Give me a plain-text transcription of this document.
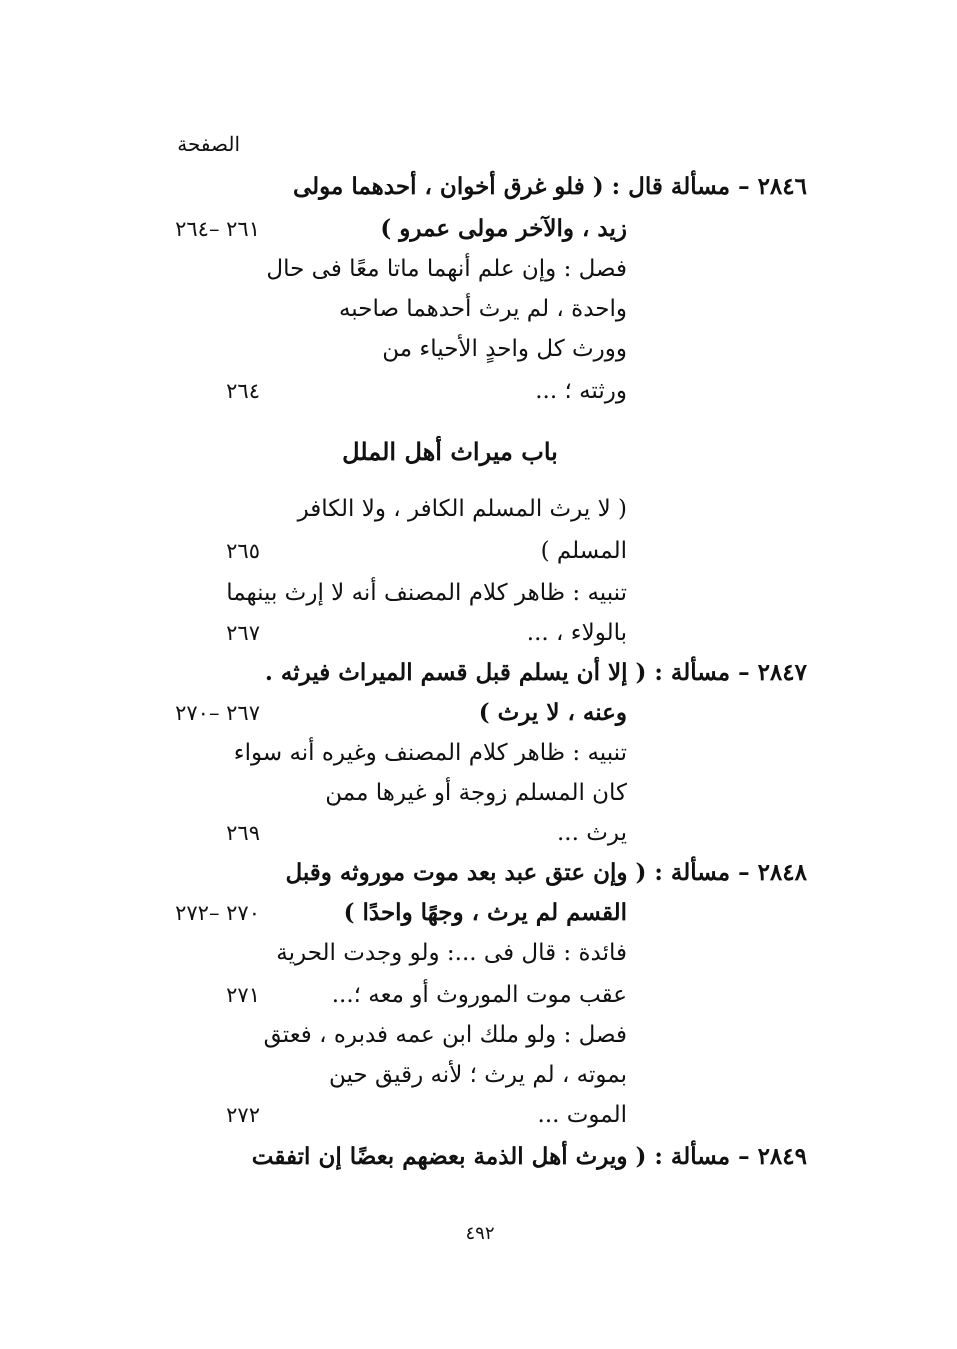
الصفحة
باب ميراث أهل الملل
٢٨٤٦ – مسألة قال : ( فلو غرق أخوان ، أحدهما مولى
زيد ، والآخر مولى عمرو )
٢٦١ –٢٦٤
فصل : وإن علم أنهما ماتا معًا فى حال
واحدة ، لم يرث أحدهما صاحبه
وورث كل واحدٍ الأحياء من
ورثته ؛ ...
٢٦٤
( لا يرث المسلم الكافر ، ولا الكافر
المسلم )
٢٦٥
تنبيه : ظاهر كلام المصنف أنه لا إرث بينهما
بالولاء ، ...
٢٦٧
٢٨٤٧ – مسألة : ( إلا أن يسلم قبل قسم الميراث فيرثه .
وعنه ، لا يرث )
٢٦٧ –٢٧٠
تنبيه : ظاهر كلام المصنف وغيره أنه سواء
كان المسلم زوجة أو غيرها ممن
يرث ...
٢٦٩
٢٨٤٨ – مسألة : ( وإن عتق عبد بعد موت موروثه وقبل
القسم لم يرث ، وجهًا واحدًا )
٢٧٠ –٢٧٢
فائدة : قال فى ...: ولو وجدت الحرية
عقب موت الموروث أو معه ؛...
٢٧١
فصل : ولو ملك ابن عمه فدبره ، فعتق
بموته ، لم يرث ؛ لأنه رقيق حين
الموت ...
٢٧٢
٢٨٤٩ – مسألة : ( ويرث أهل الذمة بعضهم بعضًا إن اتفقت
٤٩٢
